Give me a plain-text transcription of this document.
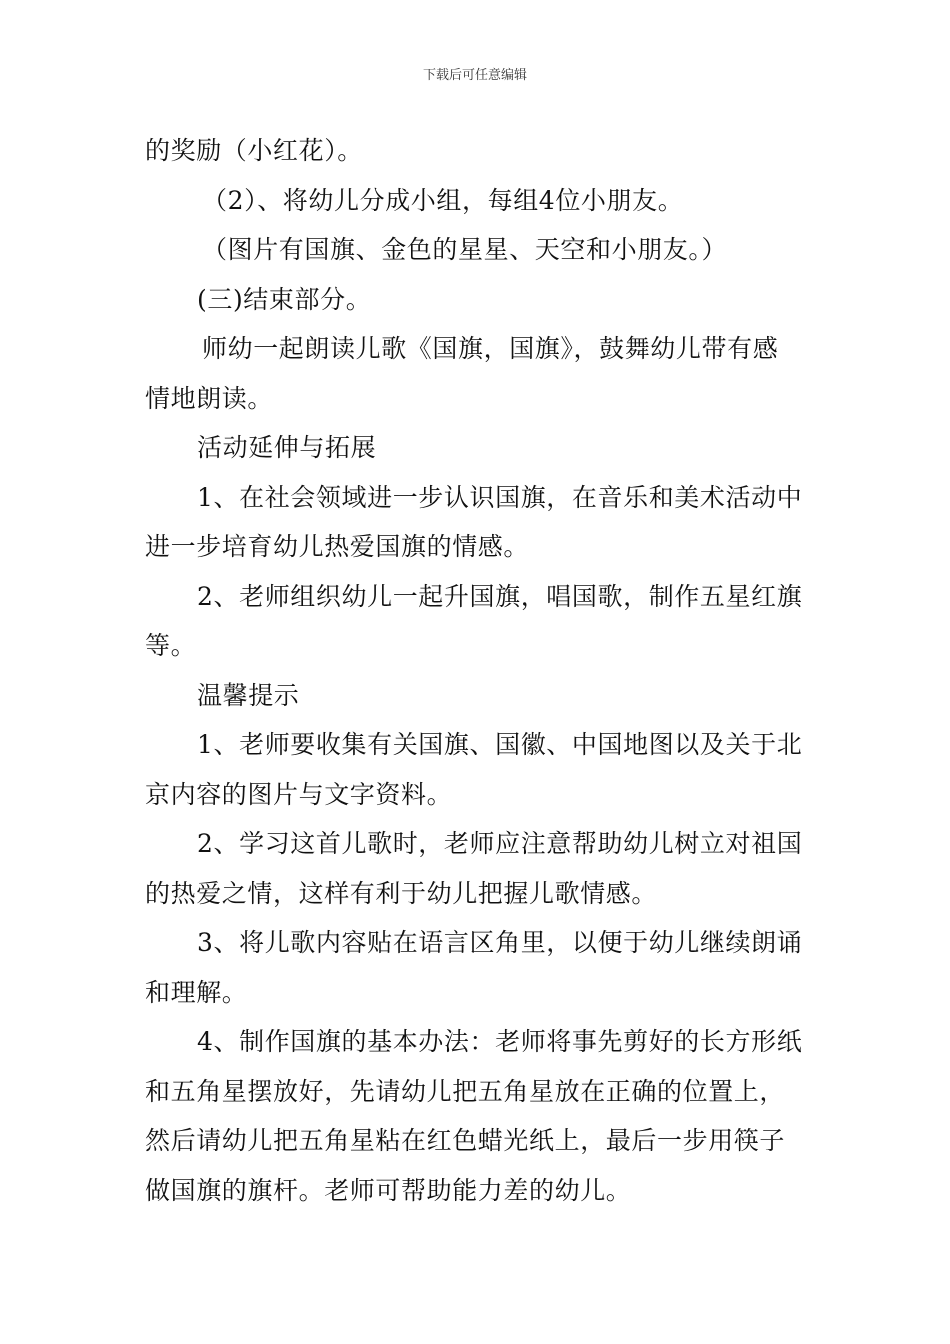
下载后可任意编辑

的奖励（小红花）。

（2）、将幼儿分成小组，每组4位小朋友。

（图片有国旗、金色的星星、天空和小朋友。）

(三)结束部分。

师幼一起朗读儿歌《国旗，国旗》，鼓舞幼儿带有感

情地朗读。

活动延伸与拓展

1、在社会领域进一步认识国旗，在音乐和美术活动中

进一步培育幼儿热爱国旗的情感。

2、老师组织幼儿一起升国旗，唱国歌，制作五星红旗

等。

温馨提示

1、老师要收集有关国旗、国徽、中国地图以及关于北

京内容的图片与文字资料。

2、学习这首儿歌时，老师应注意帮助幼儿树立对祖国

的热爱之情，这样有利于幼儿把握儿歌情感。

3、将儿歌内容贴在语言区角里，以便于幼儿继续朗诵

和理解。

4、制作国旗的基本办法：老师将事先剪好的长方形纸

和五角星摆放好，先请幼儿把五角星放在正确的位置上，

然后请幼儿把五角星粘在红色蜡光纸上，最后一步用筷子

做国旗的旗杆。老师可帮助能力差的幼儿。
